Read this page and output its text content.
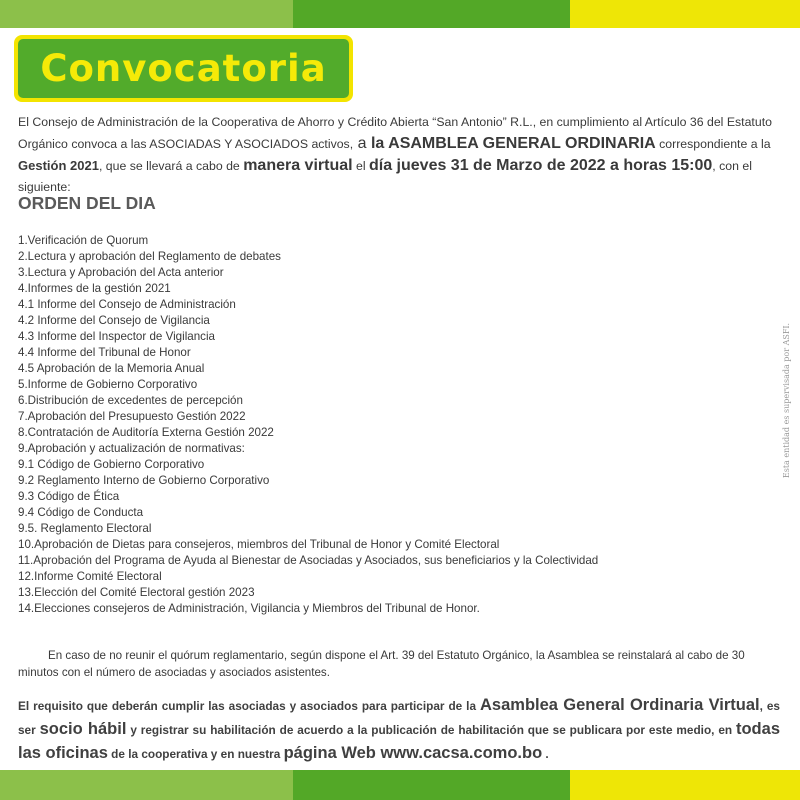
Convocatoria

El Consejo de Administración de la Cooperativa de Ahorro y Crédito Abierta “San Antonio” R.L., en cumplimiento al Artículo 36 del Estatuto Orgánico convoca a las ASOCIADAS Y ASOCIADOS activos, a la ASAMBLEA GENERAL ORDINARIA correspondiente a la Gestión 2021, que se llevará a cabo de manera virtual el día jueves 31 de Marzo de 2022 a horas 15:00, con el siguiente:

ORDEN DEL DIA
1.Verificación de Quorum
2.Lectura y aprobación del Reglamento de debates
3.Lectura y Aprobación del Acta anterior
4.Informes de la gestión 2021
4.1 Informe del Consejo de Administración
4.2 Informe del Consejo de Vigilancia
4.3 Informe del Inspector de Vigilancia
4.4 Informe del Tribunal de Honor
4.5 Aprobación de la Memoria Anual
5.Informe de Gobierno Corporativo
6.Distribución de excedentes de percepción
7.Aprobación del Presupuesto Gestión 2022
8.Contratación de Auditoría Externa Gestión 2022
9.Aprobación y actualización de normativas:
9.1 Código de Gobierno Corporativo
9.2 Reglamento Interno de Gobierno Corporativo
9.3 Código de Ética
9.4 Código de Conducta
9.5. Reglamento Electoral
10.Aprobación de Dietas para consejeros, miembros del Tribunal de Honor y Comité Electoral
11.Aprobación del Programa de Ayuda al Bienestar de Asociadas y Asociados, sus beneficiarios y la Colectividad
12.Informe Comité Electoral
13.Elección del Comité Electoral gestión 2023
14.Elecciones consejeros de Administración, Vigilancia y Miembros del Tribunal de Honor.
Esta entidad es supervisada por ASFI.

En caso de no reunir el quórum reglamentario, según dispone el Art. 39 del Estatuto Orgánico, la Asamblea se reinstalará al cabo de 30 minutos con el número de asociadas y asociados asistentes.

El requisito que deberán cumplir las asociadas y asociados para participar de la Asamblea General Ordinaria Virtual, es ser socio hábil y registrar su habilitación de acuerdo a la publicación de habilitación que se publicara por este medio, en todas las oficinas de la cooperativa y en nuestra página Web www.cacsa.como.bo .
